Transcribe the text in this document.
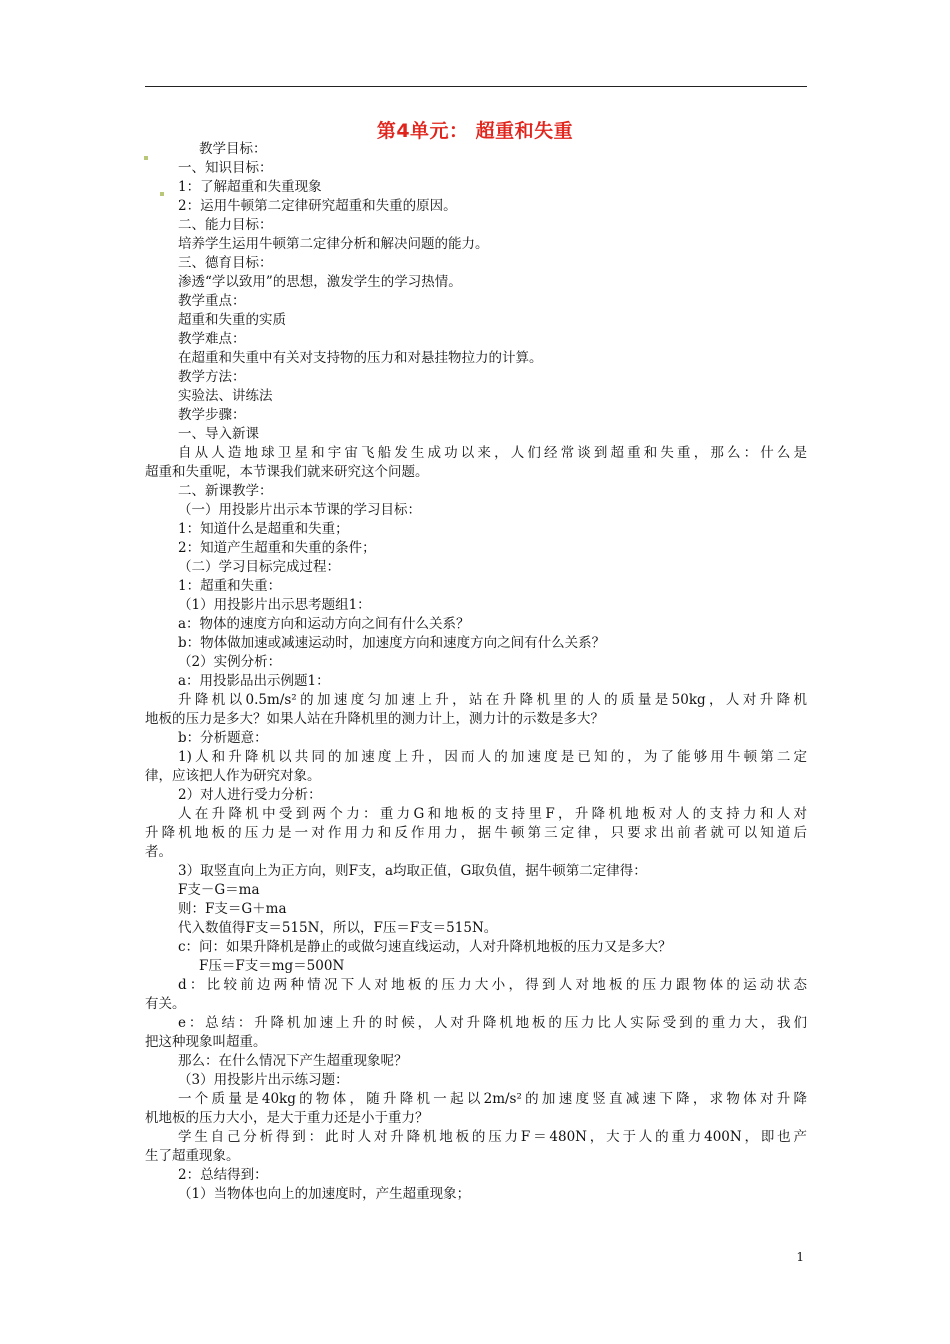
第4单元： 超重和失重
教学目标：
一、知识目标：
1：了解超重和失重现象
2：运用牛顿第二定律研究超重和失重的原因。
二、能力目标：
培养学生运用牛顿第二定律分析和解决问题的能力。
三、德育目标：
渗透“学以致用”的思想，激发学生的学习热情。
教学重点：
超重和失重的实质
教学难点：
在超重和失重中有关对支持物的压力和对悬挂物拉力的计算。
教学方法：
实验法、讲练法
教学步骤：
一、导入新课
自从人造地球卫星和宇宙飞船发生成功以来，人们经常谈到超重和失重，那么：什么是
超重和失重呢，本节课我们就来研究这个问题。
二、新课教学：
（一）用投影片出示本节课的学习目标：
1：知道什么是超重和失重；
2：知道产生超重和失重的条件；
（二）学习目标完成过程：
1：超重和失重：
（1）用投影片出示思考题组1：
a：物体的速度方向和运动方向之间有什么关系？
b：物体做加速或减速运动时，加速度方向和速度方向之间有什么关系？
（2）实例分析：
a：用投影品出示例题1：
升降机以0.5m/s²的加速度匀加速上升，站在升降机里的人的质量是50kg，人对升降机
地板的压力是多大？如果人站在升降机里的测力计上，测力计的示数是多大？
b：分析题意：
1)人和升降机以共同的加速度上升，因而人的加速度是已知的，为了能够用牛顿第二定
律，应该把人作为研究对象。
2）对人进行受力分析：
人在升降机中受到两个力：重力G和地板的支持里F，升降机地板对人的支持力和人对
升降机地板的压力是一对作用力和反作用力，据牛顿第三定律，只要求出前者就可以知道后
者。
3）取竖直向上为正方向，则F支，a均取正值，G取负值，据牛顿第二定律得：
F支－G＝ma
则：F支＝G＋ma
代入数值得F支＝515N，所以，F压＝F支＝515N。
c：问：如果升降机是静止的或做匀速直线运动，人对升降机地板的压力又是多大？
F压＝F支＝mg＝500N
d：比较前边两种情况下人对地板的压力大小，得到人对地板的压力跟物体的运动状态
有关。
e：总结：升降机加速上升的时候，人对升降机地板的压力比人实际受到的重力大，我们
把这种现象叫超重。
那么：在什么情况下产生超重现象呢？
（3）用投影片出示练习题：
一个质量是40kg的物体，随升降机一起以2m/s²的加速度竖直减速下降，求物体对升降
机地板的压力大小，是大于重力还是小于重力？
学生自己分析得到：此时人对升降机地板的压力F＝480N，大于人的重力400N，即也产
生了超重现象。
2：总结得到：
（1）当物体也向上的加速度时，产生超重现象；
1
